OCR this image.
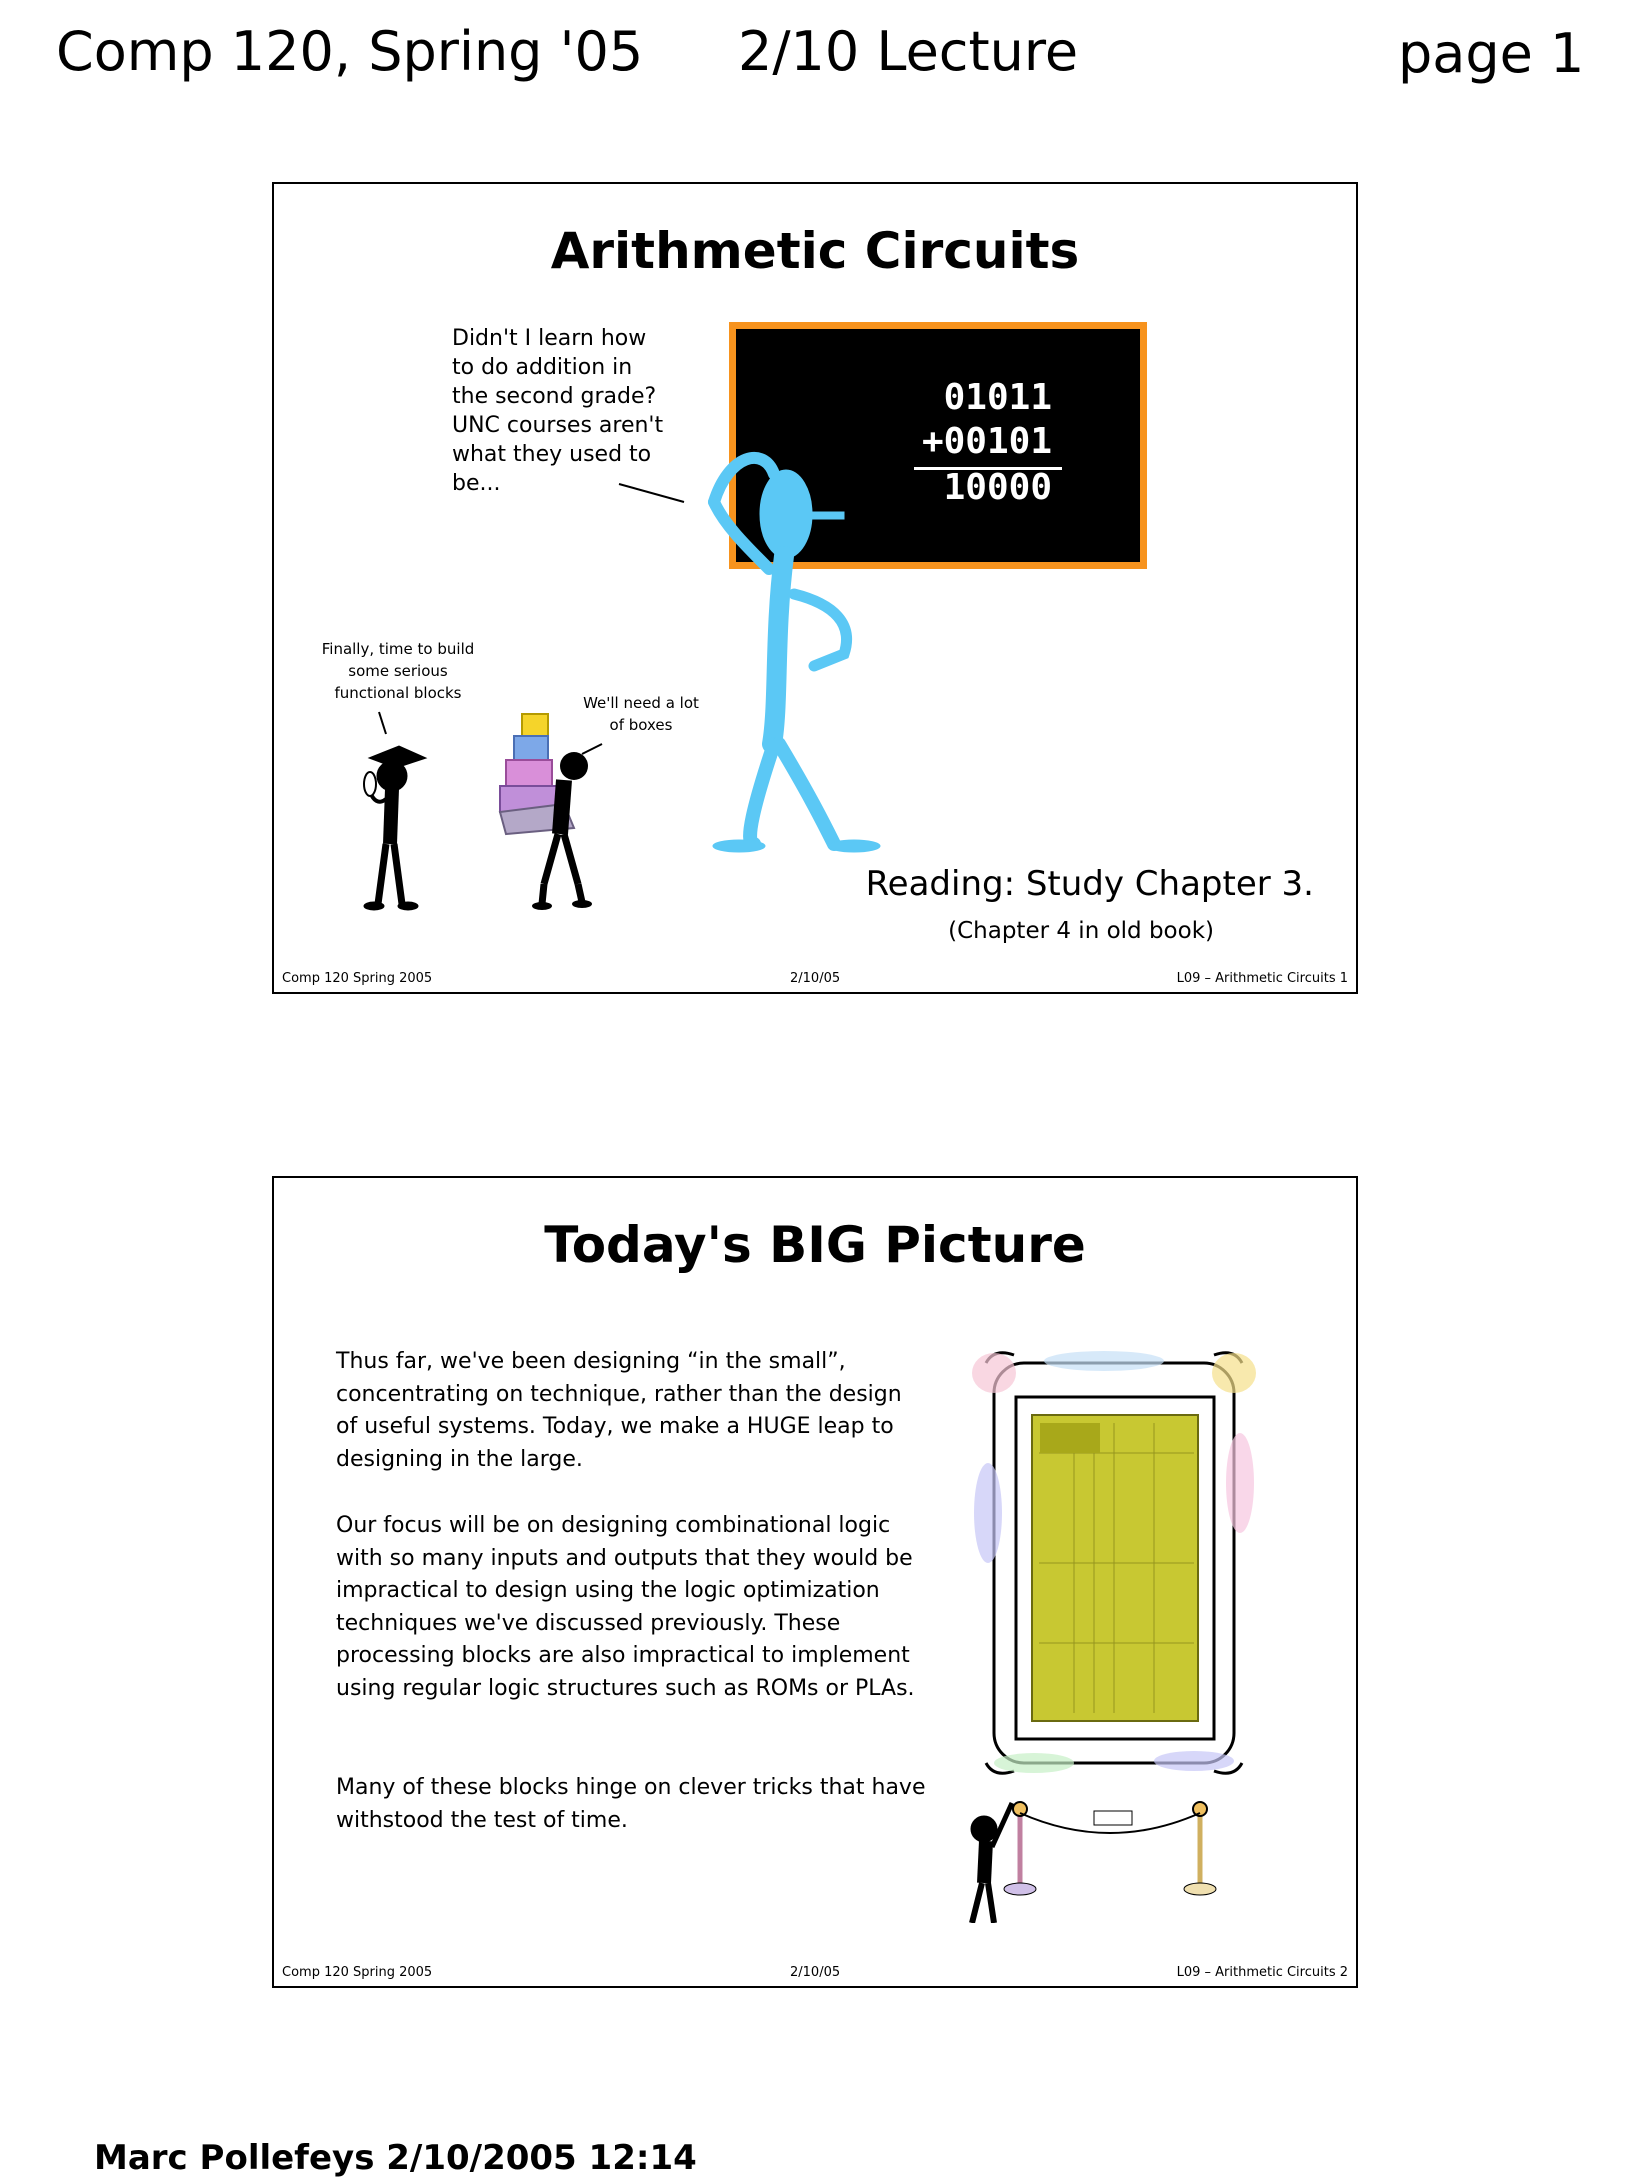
Comp 120, Spring '05 2/10 Lecture	page 1
Arithmetic Circuits
Didn't I learn how
to do addition in
the second grade?
UNC courses aren't
what they used to
be...
01011
+00101
10000
Finally, time to build
some serious
functional blocks
We'll need a lot
of boxes
Reading: Study Chapter 3.
(Chapter 4 in old book)
Comp 120 Spring 2005	2/10/05	L09 – Arithmetic Circuits 1
Today's BIG Picture
Thus far, we've been designing “in the small”, concentrating on technique, rather than the design of useful systems. Today, we make a HUGE leap to designing in the large.
Our focus will be on designing combinational logic with so many inputs and outputs that they would be impractical to design using the logic optimization techniques we've discussed previously. These processing blocks are also impractical to implement using regular logic structures such as ROMs or PLAs.
Many of these blocks hinge on clever tricks that have withstood the test of time.
Comp 120 Spring 2005	2/10/05	L09 – Arithmetic Circuits 2
Marc Pollefeys 2/10/2005 12:14
